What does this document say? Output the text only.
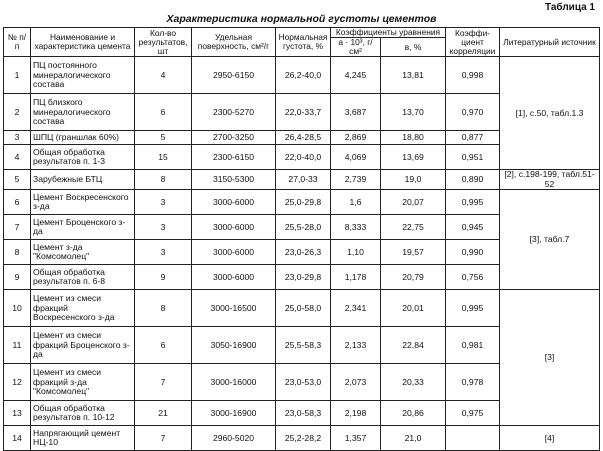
Таблица 1
Характеристика нормальной густоты цементов
№ п/п	Наименование и характеристика цемента	Кол-во результатов, шт	Удельная поверхность, см²/г	Нормальная густота, %	Коэффициенты уравнения		Коэффи-циент корреляции	Литературный источник
					a · 10³, г/см²	в, %		
1	ПЦ постоянного минералогического состава	4	2950-6150	26,2-40,0	4,245	13,81	0,998	[1], с.50, табл.1.3
2	ПЦ близкого минералогического состава	6	2300-5270	22,0-33,7	3,687	13,70	0,970	
3	ШПЦ (граншлак 60%)	5	2700-3250	26,4-28,5	2,869	18,80	0,877	
4	Общая обработка результатов п. 1-3	15	2300-6150	22,0-40,0	4,069	13,69	0,951	
5	Зарубежные БТЦ	8	3150-5300	27,0-33	2,739	19,0	0,890	[2], с.198-199, табл.51-52
6	Цемент Воскресенского з-да	3	3000-6000	25,0-29,8	1,6	20,07	0,995	[3], табл.7
7	Цемент Броценского з-да	3	3000-6000	25,5-28,0	8,333	22,75	0,945	
8	Цемент з-да "Комсомолец"	3	3000-6000	23,0-26,3	1,10	19,57	0,990	
9	Общая обработка результатов п. 6-8	9	3000-6000	23,0-29,8	1,178	20,79	0,756	
10	Цемент из смеси фракций Воскресенского з-да	8	3000-16500	25,0-58,0	2,341	20,01	0,995	[3]
11	Цемент из смеси фракций Броценского з-да	6	3050-16900	25,5-58,3	2,133	22,84	0,981	
12	Цемент из смеси фракций з-да "Комсомолец"	7	3000-16000	23,0-53,0	2,073	20,33	0,978	
13	Общая обработка результатов п. 10-12	21	3000-16900	23,0-58,3	2,198	20,86	0,975	
14	Напрягающий цемент НЦ-10	7	2960-5020	25,2-28,2	1,357	21,0		[4]
